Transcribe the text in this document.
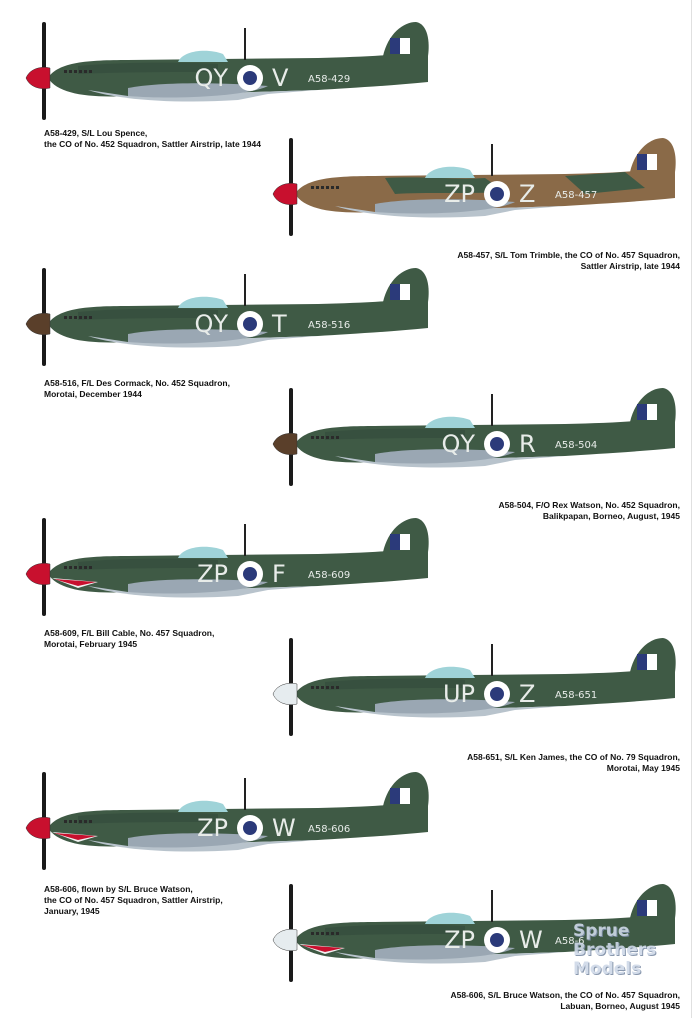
QY V A58-429
A58-429, S/L Lou Spence,
the CO of No. 452 Squadron, Sattler Airstrip, late 1944
ZP Z A58-457
A58-457, S/L Tom Trimble, the CO of No. 457 Squadron,
Sattler Airstrip, late 1944
QY T A58-516
A58-516, F/L Des Cormack, No. 452 Squadron,
Morotai, December 1944
QY R A58-504
A58-504, F/O Rex Watson, No. 452 Squadron,
Balikpapan, Borneo, August, 1945
ZP F A58-609
A58-609, F/L Bill Cable, No. 457 Squadron,
Morotai, February 1945
UP Z A58-651
A58-651, S/L Ken James, the CO of No. 79 Squadron,
Morotai, May 1945
ZP W A58-606
A58-606, flown by S/L Bruce Watson,
the CO of No. 457 Squadron, Sattler Airstrip,
January, 1945
ZP W A58-6
A58-606, S/L Bruce Watson, the CO of No. 457 Squadron,
Labuan, Borneo, August 1945
Sprue
Brothers
Models
